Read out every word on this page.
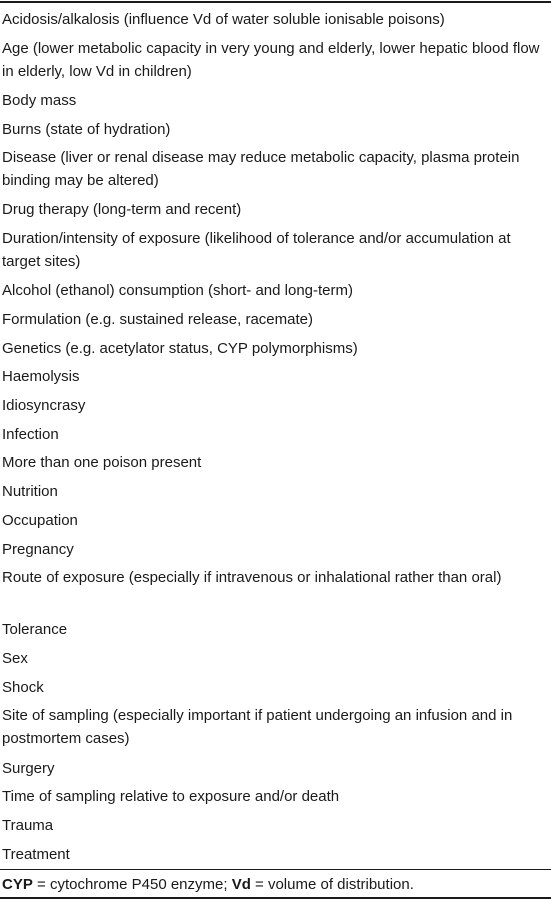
Acidosis/alkalosis (influence Vd of water soluble ionisable poisons)
Age (lower metabolic capacity in very young and elderly, lower hepatic blood flow in elderly, low Vd in children)
Body mass
Burns (state of hydration)
Disease (liver or renal disease may reduce metabolic capacity, plasma protein binding may be altered)
Drug therapy (long-term and recent)
Duration/intensity of exposure (likelihood of tolerance and/or accumulation at target sites)
Alcohol (ethanol) consumption (short- and long-term)
Formulation (e.g. sustained release, racemate)
Genetics (e.g. acetylator status, CYP polymorphisms)
Haemolysis
Idiosyncrasy
Infection
More than one poison present
Nutrition
Occupation
Pregnancy
Route of exposure (especially if intravenous or inhalational rather than oral)
Tolerance
Sex
Shock
Site of sampling (especially important if patient undergoing an infusion and in postmortem cases)
Surgery
Time of sampling relative to exposure and/or death
Trauma
Treatment
CYP = cytochrome P450 enzyme; Vd = volume of distribution.
